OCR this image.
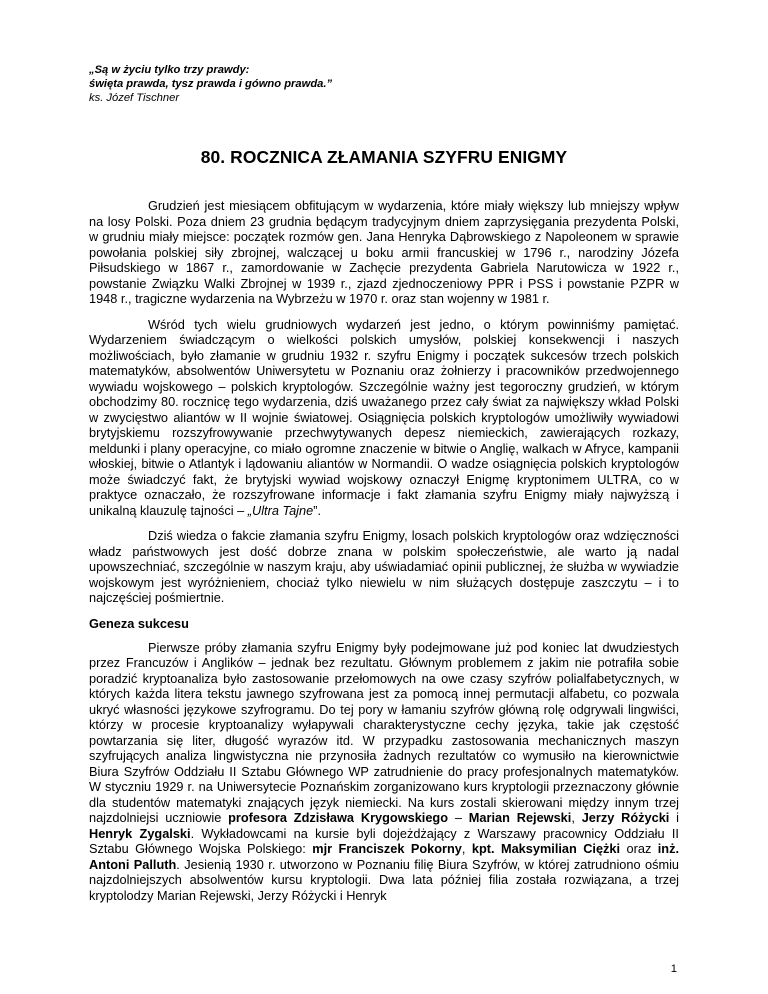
„Są w życiu tylko trzy prawdy:
święta prawda, tysz prawda i gówno prawda.”
ks. Józef Tischner
80. ROCZNICA ZŁAMANIA SZYFRU ENIGMY

Grudzień jest miesiącem obfitującym w wydarzenia, które miały większy lub mniejszy wpływ na losy Polski. Poza dniem 23 grudnia będącym tradycyjnym dniem zaprzysięgania prezydenta Polski, w grudniu miały miejsce: początek rozmów gen. Jana Henryka Dąbrowskiego z Napoleonem w sprawie powołania polskiej siły zbrojnej, walczącej u boku armii francuskiej w 1796 r., narodziny Józefa Piłsudskiego w 1867 r., zamordowanie w Zachęcie prezydenta Gabriela Narutowicza w 1922 r., powstanie Związku Walki Zbrojnej w 1939 r., zjazd zjednoczeniowy PPR i PSS i powstanie PZPR w 1948 r., tragiczne wydarzenia na Wybrzeżu w 1970 r. oraz stan wojenny w 1981 r.

Wśród tych wielu grudniowych wydarzeń jest jedno, o którym powinniśmy pamiętać. Wydarzeniem świadczącym o wielkości polskich umysłów, polskiej konsekwencji i naszych możliwościach, było złamanie w grudniu 1932 r. szyfru Enigmy i początek sukcesów trzech polskich matematyków, absolwentów Uniwersytetu w Poznaniu oraz żołnierzy i pracowników przedwojennego wywiadu wojskowego – polskich kryptologów. Szczególnie ważny jest tegoroczny grudzień, w którym obchodzimy 80. rocznicę tego wydarzenia, dziś uważanego przez cały świat za największy wkład Polski w zwycięstwo aliantów w II wojnie światowej. Osiągnięcia polskich kryptologów umożliwiły wywiadowi brytyjskiemu rozszyfrowywanie przechwytywanych depesz niemieckich, zawierających rozkazy, meldunki i plany operacyjne, co miało ogromne znaczenie w bitwie o Anglię, walkach w Afryce, kampanii włoskiej, bitwie o Atlantyk i lądowaniu aliantów w Normandii. O wadze osiągnięcia polskich kryptologów może świadczyć fakt, że brytyjski wywiad wojskowy oznaczył Enigmę kryptonimem ULTRA, co w praktyce oznaczało, że rozszyfrowane informacje i fakt złamania szyfru Enigmy miały najwyższą i unikalną klauzulę tajności – „Ultra Tajne”.

Dziś wiedza o fakcie złamania szyfru Enigmy, losach polskich kryptologów oraz wdzięczności władz państwowych jest dość dobrze znana w polskim społeczeństwie, ale warto ją nadal upowszechniać, szczególnie w naszym kraju, aby uświadamiać opinii publicznej, że służba w wywiadzie wojskowym jest wyróżnieniem, chociaż tylko niewielu w nim służących dostępuje zaszczytu – i to najczęściej pośmiertnie.

Geneza sukcesu

Pierwsze próby złamania szyfru Enigmy były podejmowane już pod koniec lat dwudziestych przez Francuzów i Anglików – jednak bez rezultatu. Głównym problemem z jakim nie potrafiła sobie poradzić kryptoanaliza było zastosowanie przełomowych na owe czasy szyfrów polialfabetycznych, w których każda litera tekstu jawnego szyfrowana jest za pomocą innej permutacji alfabetu, co pozwala ukryć własności językowe szyfrogramu. Do tej pory w łamaniu szyfrów główną rolę odgrywali lingwiści, którzy w procesie kryptoanalizy wyłapywali charakterystyczne cechy języka, takie jak częstość powtarzania się liter, długość wyrazów itd. W przypadku zastosowania mechanicznych maszyn szyfrujących analiza lingwistyczna nie przynosiła żadnych rezultatów co wymusiło na kierownictwie Biura Szyfrów Oddziału II Sztabu Głównego WP zatrudnienie do pracy profesjonalnych matematyków. W styczniu 1929 r. na Uniwersytecie Poznańskim zorganizowano kurs kryptologii przeznaczony głównie dla studentów matematyki znających język niemiecki. Na kurs zostali skierowani między innym trzej najzdolniejsi uczniowie profesora Zdzisława Krygowskiego – Marian Rejewski, Jerzy Różycki i Henryk Zygalski. Wykładowcami na kursie byli dojeżdżający z Warszawy pracownicy Oddziału II Sztabu Głównego Wojska Polskiego: mjr Franciszek Pokorny, kpt. Maksymilian Ciężki oraz inż. Antoni Palluth. Jesienią 1930 r. utworzono w Poznaniu filię Biura Szyfrów, w której zatrudniono ośmiu najzdolniejszych absolwentów kursu kryptologii. Dwa lata później filia została rozwiązana, a trzej kryptolodzy Marian Rejewski, Jerzy Różycki i Henryk

1
